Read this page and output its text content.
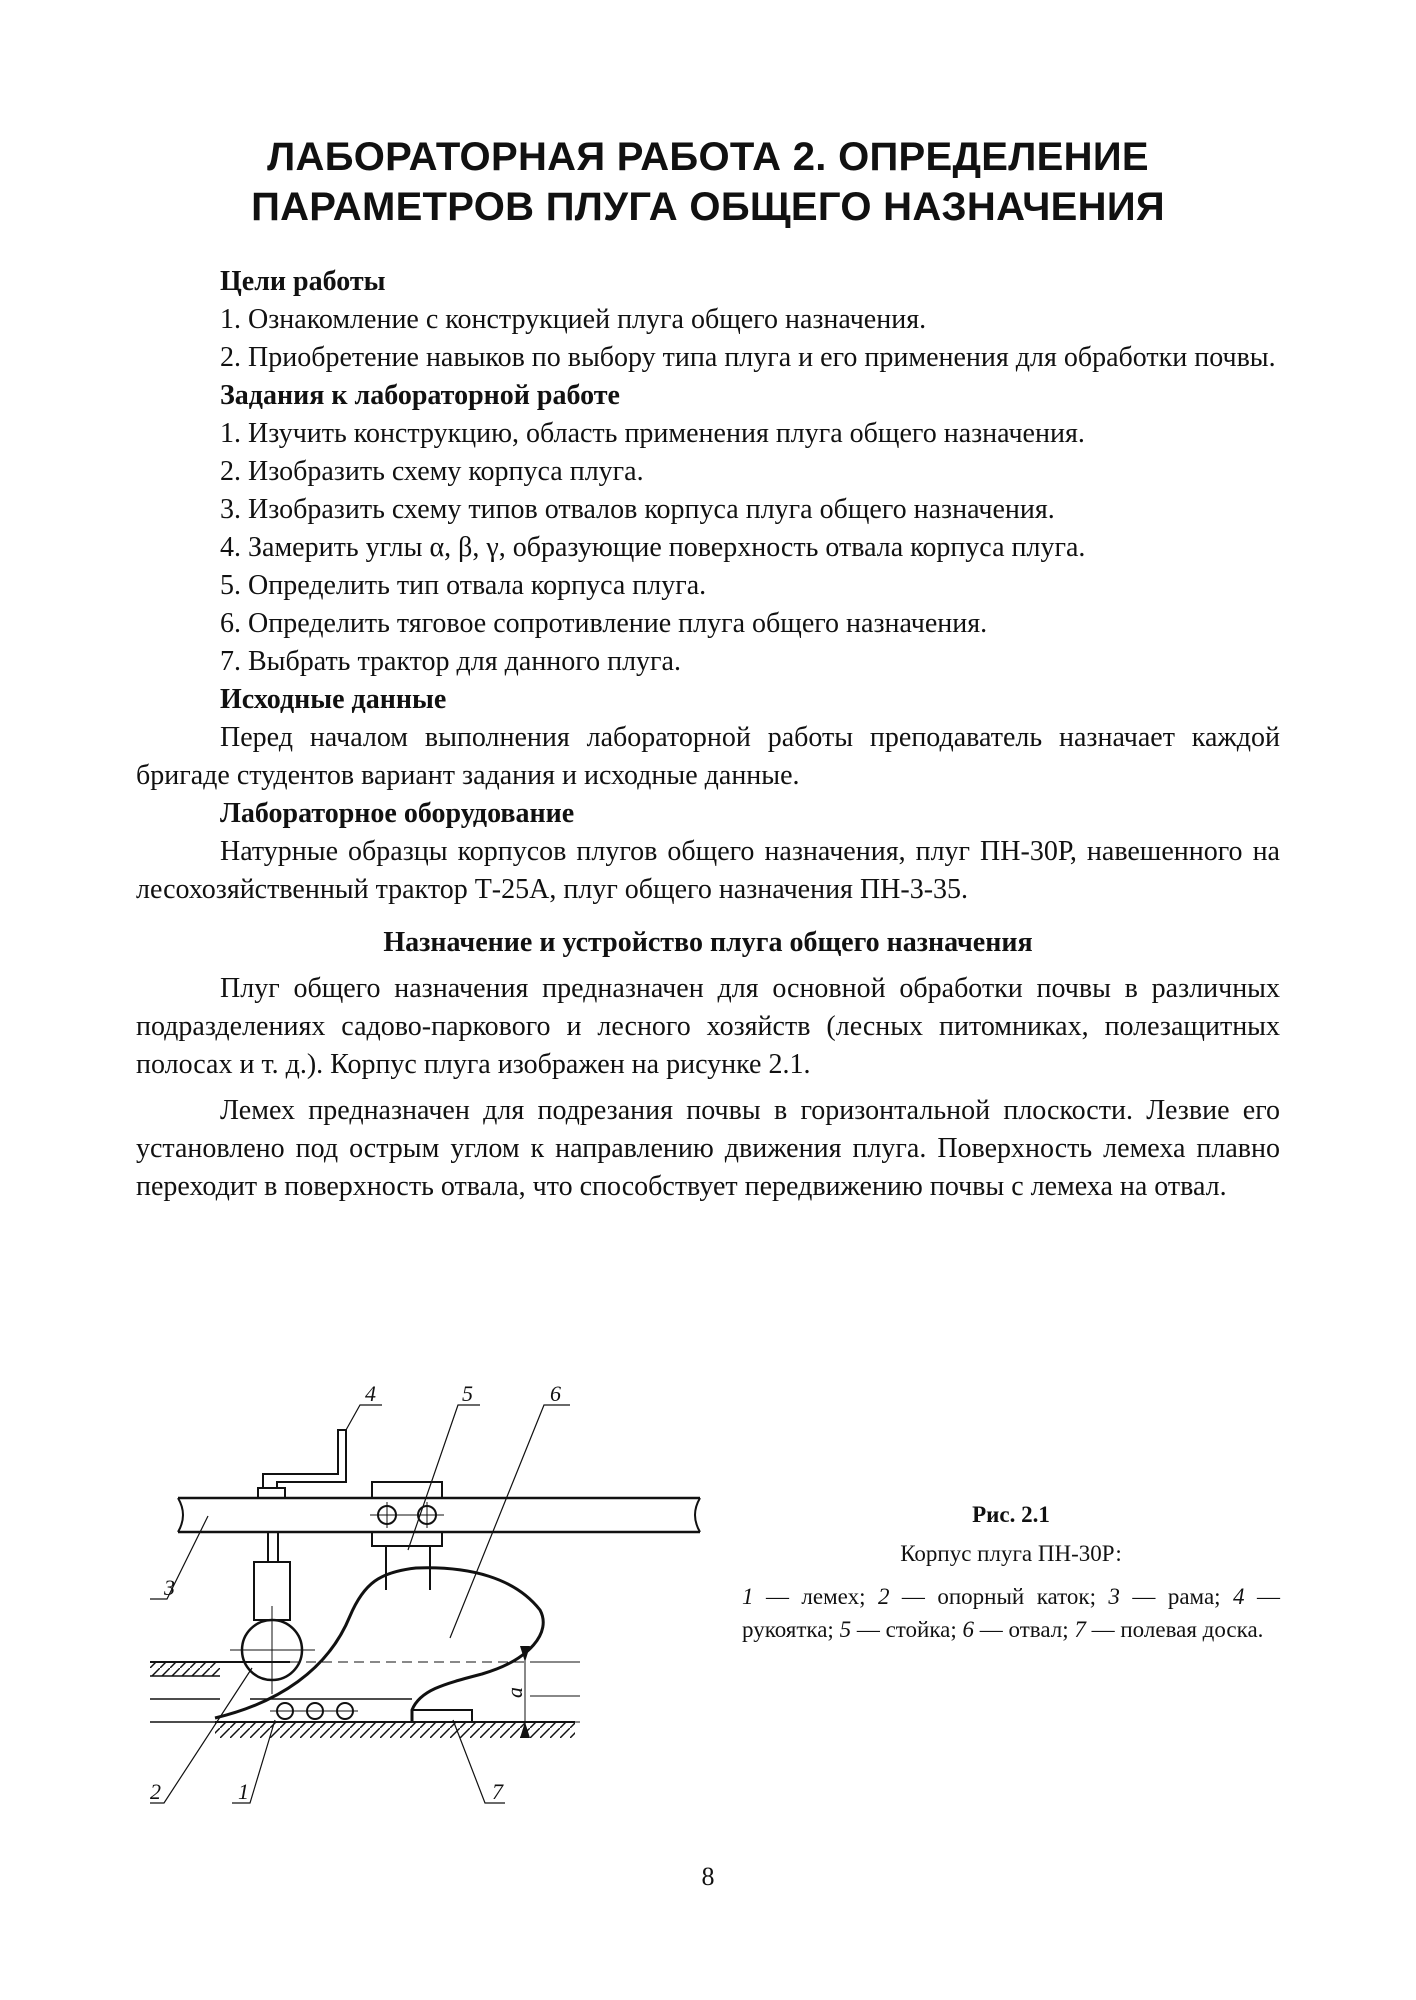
ЛАБОРАТОРНАЯ РАБОТА 2. ОПРЕДЕЛЕНИЕ
ПАРАМЕТРОВ ПЛУГА ОБЩЕГО НАЗНАЧЕНИЯ

Цели работы

1. Ознакомление с конструкцией плуга общего назначения.

2. Приобретение навыков по выбору типа плуга и его применения для обработки почвы.

Задания к лабораторной работе

1. Изучить конструкцию, область применения плуга общего назначения.

2. Изобразить схему корпуса плуга.

3. Изобразить схему типов отвалов корпуса плуга общего назначения.

4. Замерить углы α, β, γ, образующие поверхность отвала корпуса плуга.

5. Определить тип отвала корпуса плуга.

6. Определить тяговое сопротивление плуга общего назначения.

7. Выбрать трактор для данного плуга.

Исходные данные

Перед началом выполнения лабораторной работы преподаватель назначает каждой бригаде студентов вариант задания и исходные данные.

Лабораторное оборудование

Натурные образцы корпусов плугов общего назначения, плуг ПН-30Р, навешенного на лесохозяйственный трактор Т-25А, плуг общего назначения ПН-3-35.

Назначение и устройство плуга общего назначения

Плуг общего назначения предназначен для основной обработки почвы в различных подразделениях садово-паркового и лесного хозяйств (лесных питомниках, полезащитных полосах и т. д.). Корпус плуга изображен на рисунке 2.1.

Лемех предназначен для подрезания почвы в горизонтальной плоскости. Лезвие его установлено под острым углом к направлению движения плуга. Поверхность лемеха плавно переходит в поверхность отвала, что способствует передвижению почвы с лемеха на отвал.

4	5	6
3
2	1	7
a

Рис. 2.1

Корпус плуга ПН-30Р:

1 — лемех; 2 — опорный каток; 3 — рама; 4 — рукоятка; 5 — стойка; 6 — отвал; 7 — полевая доска.

8
